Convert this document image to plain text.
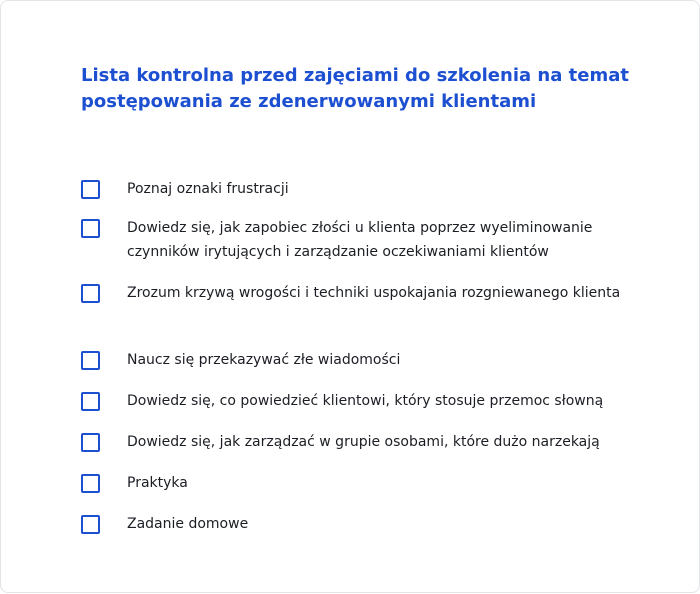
Lista kontrolna przed zajęciami do szkolenia na temat postępowania ze zdenerwowanymi klientami
Poznaj oznaki frustracji
Dowiedz się, jak zapobiec złości u klienta poprzez wyeliminowanie czynników irytujących i zarządzanie oczekiwaniami klientów
Zrozum krzywą wrogości i techniki uspokajania rozgniewanego klienta
Naucz się przekazywać złe wiadomości
Dowiedz się, co powiedzieć klientowi, który stosuje przemoc słowną
Dowiedz się, jak zarządzać w grupie osobami, które dużo narzekają
Praktyka
Zadanie domowe
